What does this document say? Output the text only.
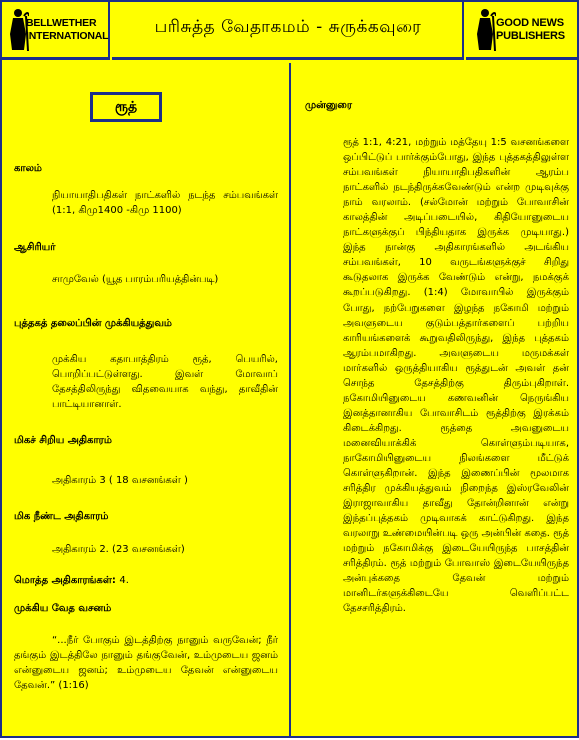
BELLWETHER
INTERNATIONAL	பரிசுத்த வேதாகமம் - சுருக்கவுரை	GOOD NEWS
PUBLISHERS
ரூத்
காலம்
நியாயாதிபதிகள் நாட்களில் நடந்த சம்பவங்கள் (1:1, கிமு1400 -கிமு 1100)
ஆசிரியர்
சாமுவேல் (யூத பாரம்பரியத்தின்படி)
புத்தகத் தலைப்பின் முக்கியத்துவம்
முக்கிய கதாபாத்திரம் ரூத், பெயரில், பொறிப்பட்டுள்ளது. இவள் மோவாப் தேசத்திலிருந்து விதவையாக வந்து, தாவீதின் பாட்டியானாள்.
மிகச் சிறிய அதிகாரம்
அதிகாரம் 3 ( 18 வசனங்கள் )
மிக நீண்ட அதிகாரம்
அதிகாரம் 2. (23 வசனங்கள்)
மொத்த அதிகாரங்கள்: 4.
முக்கிய வேத வசனம்
“...நீர் போகும் இடத்திற்கு நானும் வருவேன்; நீர் தங்கும் இடத்திலே நானும் தங்குவேன், உம்முடைய ஜனம் என்னுடைய ஜனம்; உம்முடைய தேவன் என்னுடைய தேவன்.” (1:16)
முன்னுரை
ரூத் 1:1, 4:21, மற்றும் மத்தேயு 1:5 வசனங்களை ஒப்பிட்டுப் பார்க்கும்போது, இந்த புத்தகத்திலுள்ள சம்பவங்கள் நியாயாதிபதிகளின் ஆரம்ப நாட்களில் நடந்திருக்கவேண்டும் என்ற முடிவுக்கு நாம் வரலாம். (சல்மோன் மற்றும் போவாசின் காலத்தின் அடிப்படையில், கிதியோனுடைய நாட்களுக்குப் பிந்தியதாக இருக்க முடியாது.) இந்த நான்கு அதிகாரங்களில் அடங்கிய சம்பவங்கள், 10 வருடங்களுக்குச் சிறிது கூடுதலாக இருக்க வேண்டும் என்று, நமக்குக் கூறப்படுகிறது. (1:4) மோவாபில் இருக்கும் போது, நற்பேறுகளை இழந்த நகோமி மற்றும் அவளுடைய குடும்பத்தார்களைப் பற்றிய காரியங்களைக் கூறுவதிலிருந்து, இந்த புத்தகம் ஆரம்பமாகிறது. அவளுடைய மருமக்கள் மார்களில் ஒருத்தியாகிய ரூத்துடன் அவள் தன் சொந்த தேசத்திற்கு திரும்புகிறாள். நகோமியினுடைய கணவனின் நெருங்கிய இனத்தானாகிய போவாசிடம் ரூத்திற்கு இரக்கம் கிடைக்கிறது. ரூத்தை அவனுடைய மனைவியாக்கிக் கொள்ளும்படியாக, நாகோமியினுடைய நிலங்களை மீட்டுக் கொள்ளுகிறான். இந்த இணைப்பின் மூலமாக சரித்திர முக்கியத்துவம் நிறைந்த இஸ்ரவேலின் இராஜாவாகிய தாவீது தோன்றினான் என்று இந்தப்புத்தகம் முடிவாகக் காட்டுகிறது. இந்த வரலாறு உண்மையின்படி ஒரு அன்பின் கதை. ரூத் மற்றும் நகோமிக்கு இடையேயிருந்த பாசத்தின் சரித்திரம். ரூத் மற்றும் போவாஸ் இடையேயிருந்த அன்புக்கதை தேவன் மற்றும் மானிடர்களுக்கிடையே வெளிப்பட்ட தேசசரித்திரம்.
